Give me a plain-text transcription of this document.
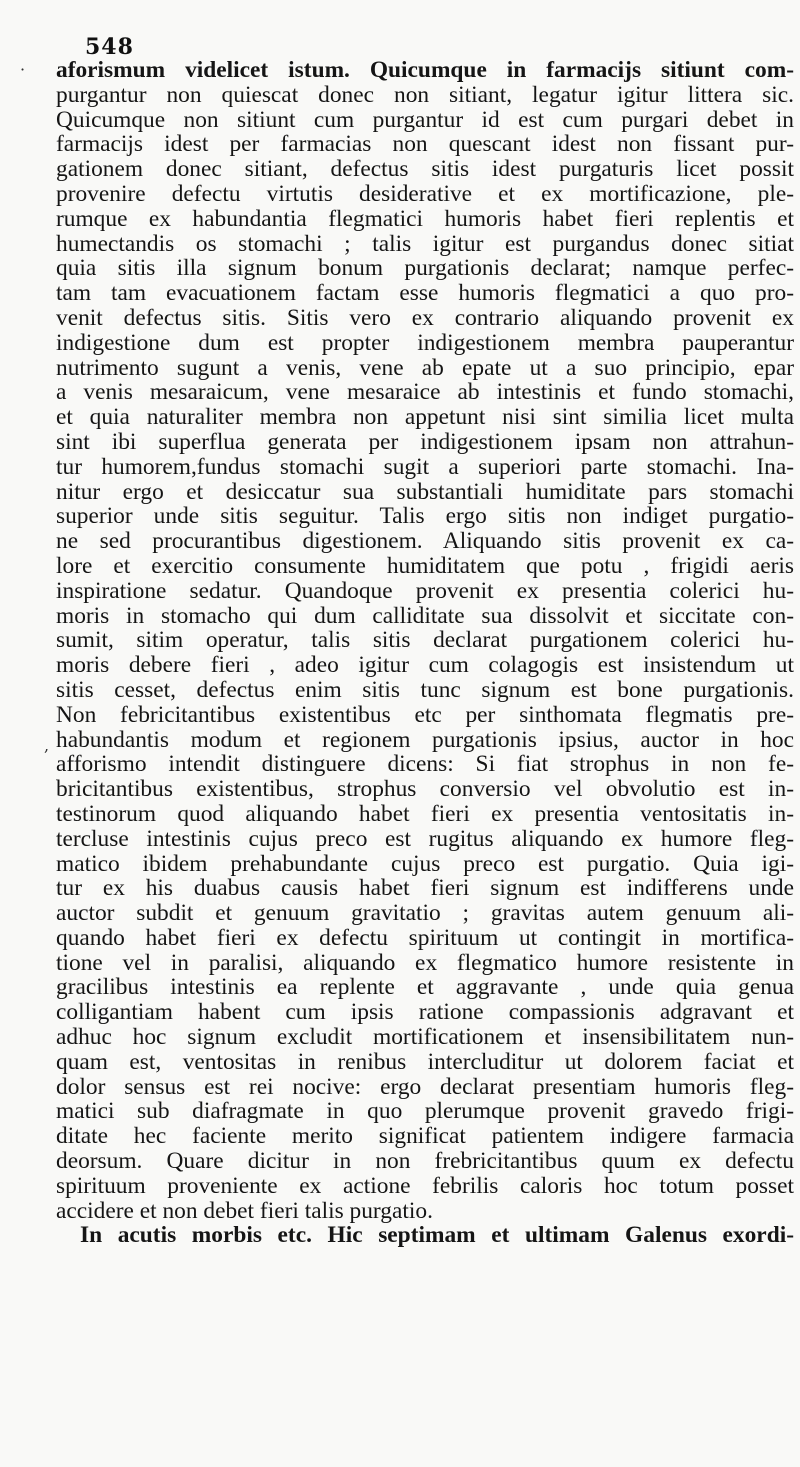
·
,
548
aforismum videlicet istum. Quicumque in farmacijs sitiunt com-
purgantur non quiescat donec non sitiant, legatur igitur littera sic.
Quicumque non sitiunt cum purgantur id est cum purgari debet in
farmacijs idest per farmacias non quescant idest non fissant pur-
gationem donec sitiant, defectus sitis idest purgaturis licet possit
provenire defectu virtutis desiderative et ex mortificazione, ple-
rumque ex habundantia flegmatici humoris habet fieri replentis et
humectandis os stomachi ; talis igitur est purgandus donec sitiat
quia sitis illa signum bonum purgationis declarat; namque perfec-
tam tam evacuationem factam esse humoris flegmatici a quo pro-
venit defectus sitis. Sitis vero ex contrario aliquando provenit ex
indigestione dum est propter indigestionem membra pauperantur
nutrimento sugunt a venis, vene ab epate ut a suo principio, epar
a venis mesaraicum, vene mesaraice ab intestinis et fundo stomachi,
et quia naturaliter membra non appetunt nisi sint similia licet multa
sint ibi superflua generata per indigestionem ipsam non attrahun-
tur humorem,fundus stomachi sugit a superiori parte stomachi. Ina-
nitur ergo et desiccatur sua substantiali humiditate pars stomachi
superior unde sitis seguitur. Talis ergo sitis non indiget purgatio-
ne sed procurantibus digestionem. Aliquando sitis provenit ex ca-
lore et exercitio consumente humiditatem que potu , frigidi aeris
inspiratione sedatur. Quandoque provenit ex presentia colerici hu-
moris in stomacho qui dum calliditate sua dissolvit et siccitate con-
sumit, sitim operatur, talis sitis declarat purgationem colerici hu-
moris debere fieri , adeo igitur cum colagogis est insistendum ut
sitis cesset, defectus enim sitis tunc signum est bone purgationis.
Non febricitantibus existentibus etc per sinthomata flegmatis pre-
habundantis modum et regionem purgationis ipsius, auctor in hoc
afforismo intendit distinguere dicens: Si fiat strophus in non fe-
bricitantibus existentibus, strophus conversio vel obvolutio est in-
testinorum quod aliquando habet fieri ex presentia ventositatis in-
tercluse intestinis cujus preco est rugitus aliquando ex humore fleg-
matico ibidem prehabundante cujus preco est purgatio. Quia igi-
tur ex his duabus causis habet fieri signum est indifferens unde
auctor subdit et genuum gravitatio ; gravitas autem genuum ali-
quando habet fieri ex defectu spirituum ut contingit in mortifica-
tione vel in paralisi, aliquando ex flegmatico humore resistente in
gracilibus intestinis ea replente et aggravante , unde quia genua
colligantiam habent cum ipsis ratione compassionis adgravant et
adhuc hoc signum excludit mortificationem et insensibilitatem nun-
quam est, ventositas in renibus intercluditur ut dolorem faciat et
dolor sensus est rei nocive: ergo declarat presentiam humoris fleg-
matici sub diafragmate in quo plerumque provenit gravedo frigi-
ditate hec faciente merito significat patientem indigere farmacia
deorsum. Quare dicitur in non frebricitantibus quum ex defectu
spirituum proveniente ex actione febrilis caloris hoc totum posset
accidere et non debet fieri talis purgatio.
In acutis morbis etc. Hic septimam et ultimam Galenus exordi-
